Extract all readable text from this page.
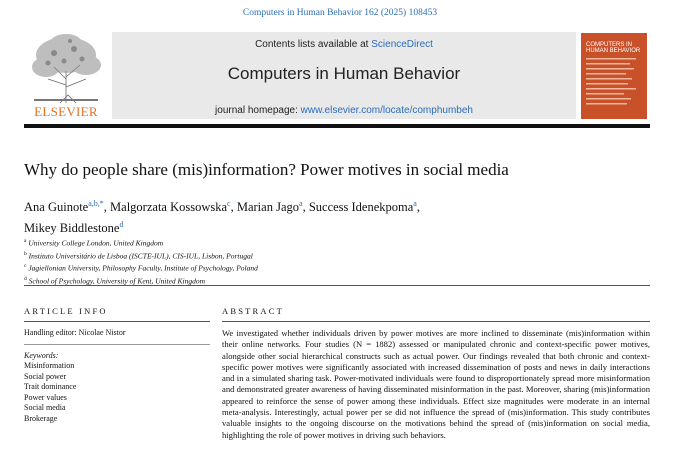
Computers in Human Behavior 162 (2025) 108453
ELSEVIER
Contents lists available at ScienceDirect
Computers in Human Behavior
journal homepage: www.elsevier.com/locate/comphumbeh
COMPUTERS IN HUMAN BEHAVIOR
Why do people share (mis)information? Power motives in social media
Ana Guinote$^{a,b,*}$, Malgorzata Kossowska$^c$, Marian Jago$^a$, Success Idenekpoma$^a$,
Mikey Biddlestone$^d$
$^a$ University College London, United Kingdom
$^b$ Instituto Universitário de Lisboa (ISCTE-IUL), CIS-IUL, Lisbon, Portugal
$^c$ Jagiellonian University, Philosophy Faculty, Institute of Psychology, Poland
$^d$ School of Psychology, University of Kent, United Kingdom
ARTICLE INFO	ABSTRACT
Handling editor: Nicolae Nistor
Keywords:
Misinformation
Social power
Trait dominance
Power values
Social media
Brokerage
We investigated whether individuals driven by power motives are more inclined to disseminate (mis)information within their online networks. Four studies (N = 1882) assessed or manipulated chronic and context-specific power motives, alongside other social hierarchical constructs such as actual power. Our findings revealed that both chronic and context-specific power motives were significantly associated with increased dissemination of posts and news in daily interactions and in a simulated sharing task. Power-motivated individuals were found to disproportionately spread more misinformation and demonstrated greater awareness of having disseminated misinformation in the past. Moreover, sharing (mis)information appeared to reinforce the sense of power among these individuals. Effect size magnitudes were moderate in an internal meta-analysis. Interestingly, actual power per se did not influence the spread of (mis)information. This study contributes valuable insights to the ongoing discourse on the motivations behind the spread of (mis)information on social media, highlighting the role of power motives in driving such behaviors.
